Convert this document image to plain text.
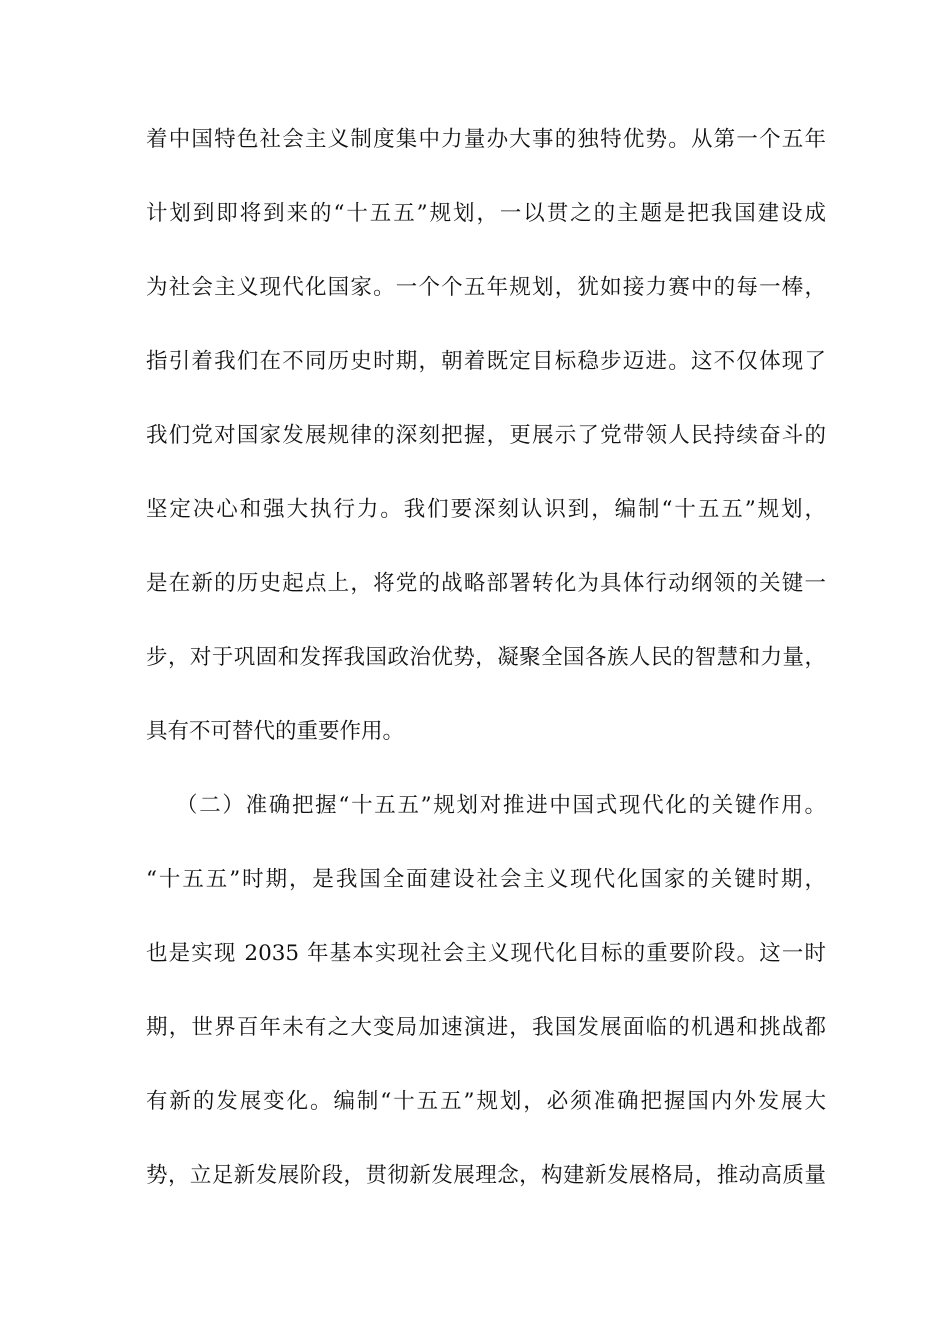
着中国特色社会主义制度集中力量办大事的独特优势。从第一个五年
计划到即将到来的“十五五”规划，一以贯之的主题是把我国建设成
为社会主义现代化国家。一个个五年规划，犹如接力赛中的每一棒，
指引着我们在不同历史时期，朝着既定目标稳步迈进。这不仅体现了
我们党对国家发展规律的深刻把握，更展示了党带领人民持续奋斗的
坚定决心和强大执行力。我们要深刻认识到，编制“十五五”规划，
是在新的历史起点上，将党的战略部署转化为具体行动纲领的关键一
步，对于巩固和发挥我国政治优势，凝聚全国各族人民的智慧和力量，
具有不可替代的重要作用。
（二）准确把握“十五五”规划对推进中国式现代化的关键作用。
“十五五”时期，是我国全面建设社会主义现代化国家的关键时期，
也是实现 2035 年基本实现社会主义现代化目标的重要阶段。这一时
期，世界百年未有之大变局加速演进，我国发展面临的机遇和挑战都
有新的发展变化。编制“十五五”规划，必须准确把握国内外发展大
势，立足新发展阶段，贯彻新发展理念，构建新发展格局，推动高质量
